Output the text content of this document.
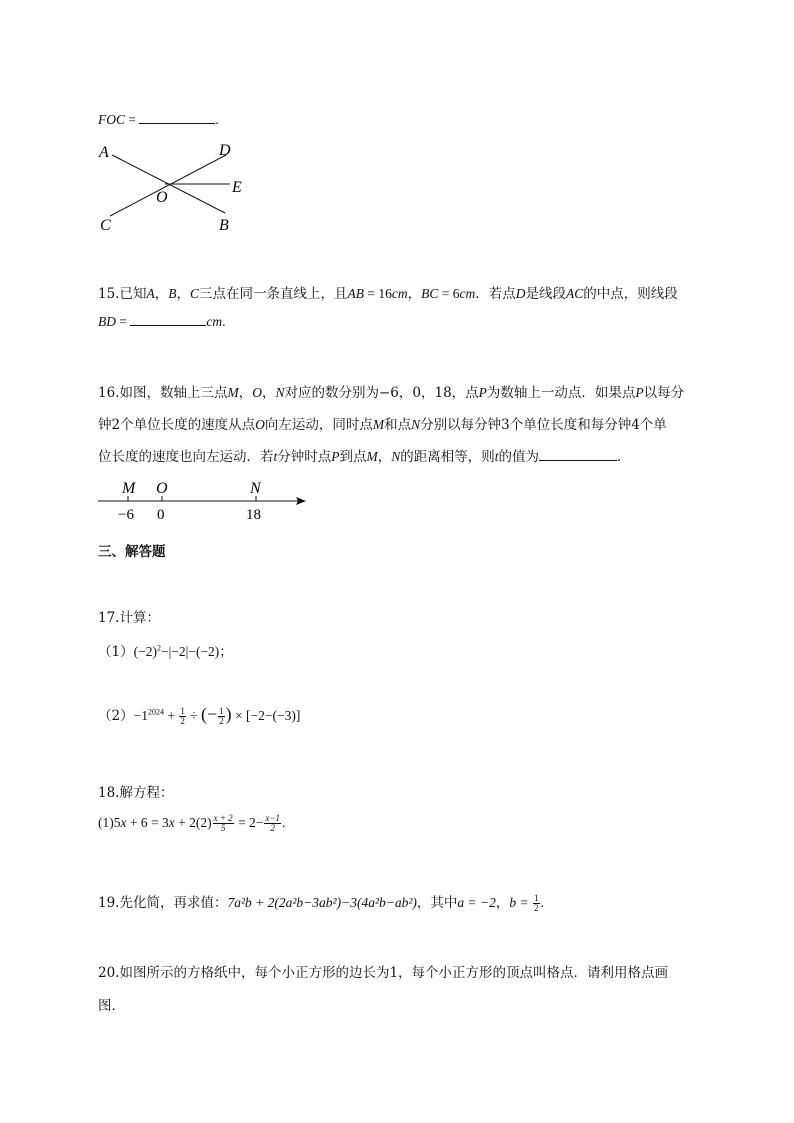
FOC =	.
A	D
O
E
C	B
15.已知A，B，C三点在同一条直线上，且AB = 16cm，BC = 6cm．若点D是线段AC的中点，则线段
BD =	cm.
16.如图，数轴上三点M，O，N对应的数分别为−6，0，18，点P为数轴上一动点．如果点P以每分
钟2个单位长度的速度从点O向左运动，同时点M和点N分别以每分钟3个单位长度和每分钟4个单
位长度的速度也向左运动．若t分钟时点P到点M，N的距离相等，则t的值为	．
M O	N
−6 0	18
三、解答题
17.计算：
$(1)(-2)^2-|-2|-(-2)$；
$(2)-1^{2024} + \frac{1}{2}$ ÷ (− $\frac{1}{2}$ ) × [−2−(−3)]
18.解方程：
$(1)5x + 6 = 3x + 2(2) \frac{x + 2}{5} = 2- \frac{x-1}{2}$ .
19.先化简，再求值：7a²b + 2(2a²b−3ab²)−3(4a²b−ab²)，其中a = −2，$b = \frac{1}{2}$ .
20.如图所示的方格纸中，每个小正方形的边长为1，每个小正方形的顶点叫格点．请利用格点画
图．
